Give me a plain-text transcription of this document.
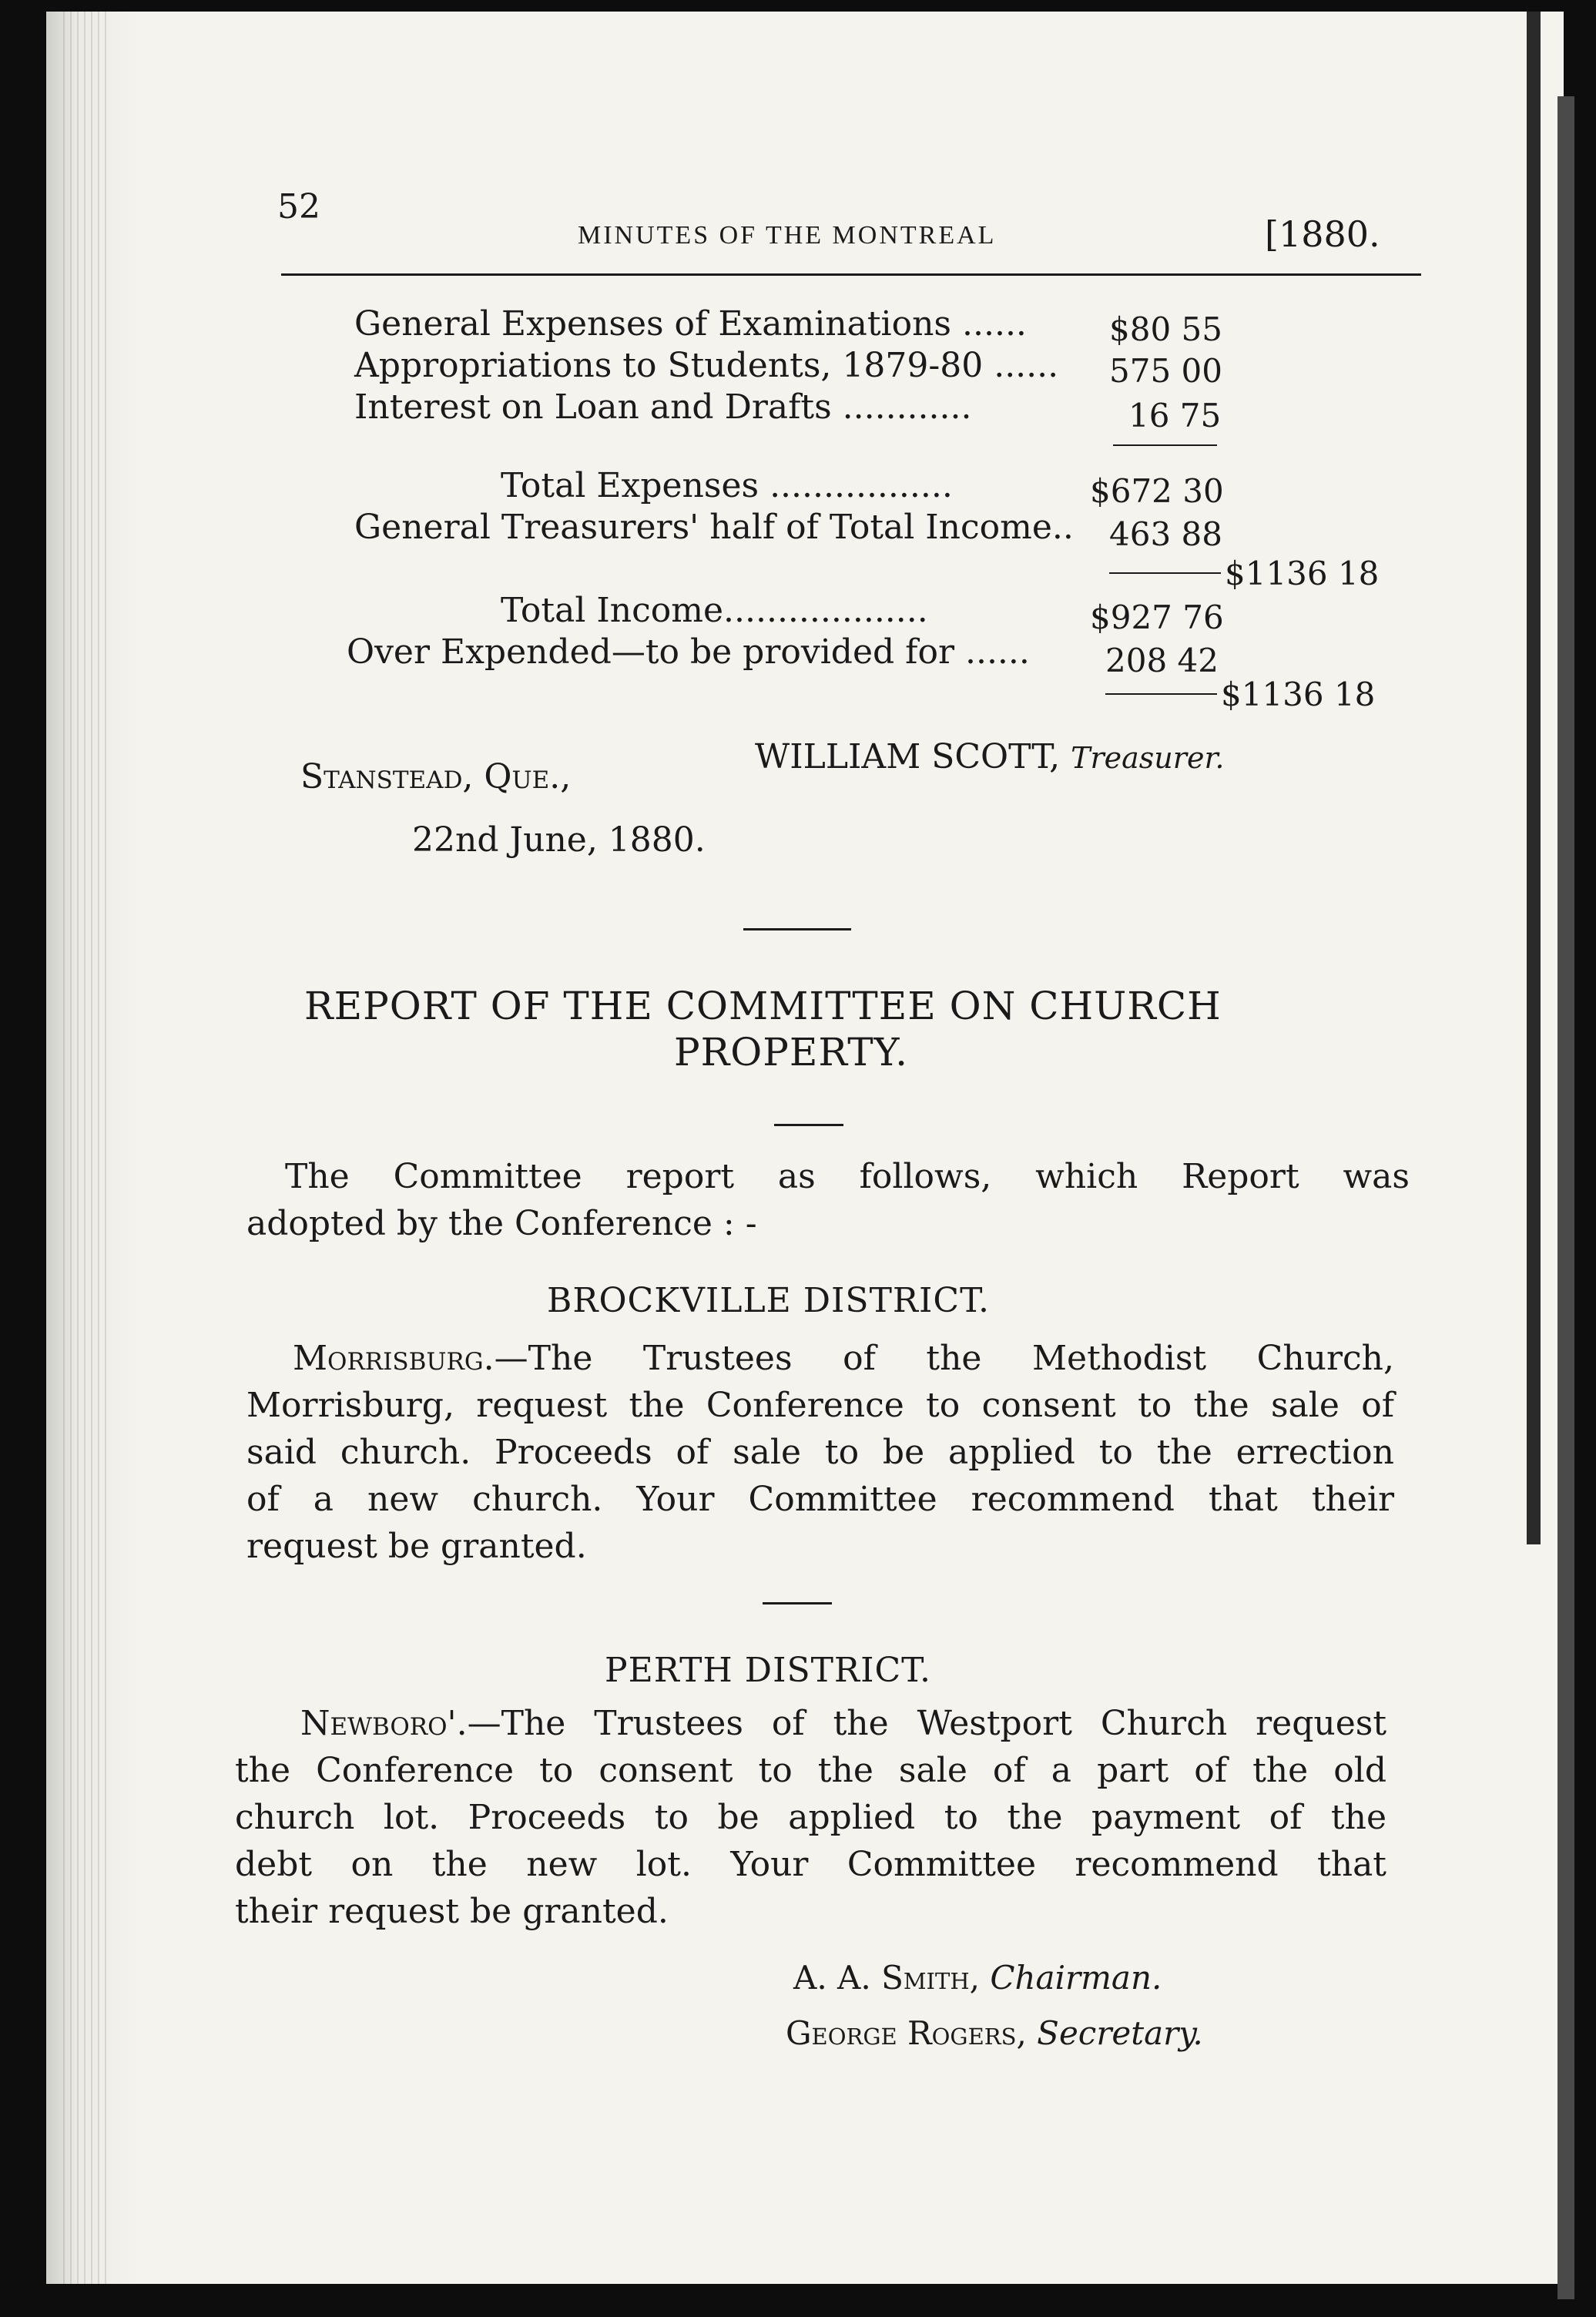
52
MINUTES OF THE MONTREAL	[1880.
General Expenses of Examinations ......	$80 55
Appropriations to Students, 1879-80 ...... 575 00
Interest on Loan and Drafts ............	16 75
Total Expenses .................	$672 30
General Treasurers' half of Total Income.. 463 88
$1136 18
Total Income...................	$927 76
Over Expended—to be provided for ...... 208 42
$1136 18
WILLIAM SCOTT, Treasurer.
Stanstead, Que.,
22nd June, 1880.
REPORT OF THE COMMITTEE ON CHURCH
PROPERTY.
The Committee report as follows, which Report was
adopted by the Conference : -
BROCKVILLE DISTRICT.
Morrisburg.—The Trustees of the Methodist Church,
Morrisburg, request the Conference to consent to the sale of
said church. Proceeds of sale to be applied to the errection
of a new church. Your Committee recommend that their
request be granted.
PERTH DISTRICT.
Newboro'.—The Trustees of the Westport Church request
the Conference to consent to the sale of a part of the old
church lot. Proceeds to be applied to the payment of the
debt on the new lot. Your Committee recommend that
their request be granted.
A. A. Smith, Chairman.
George Rogers, Secretary.
